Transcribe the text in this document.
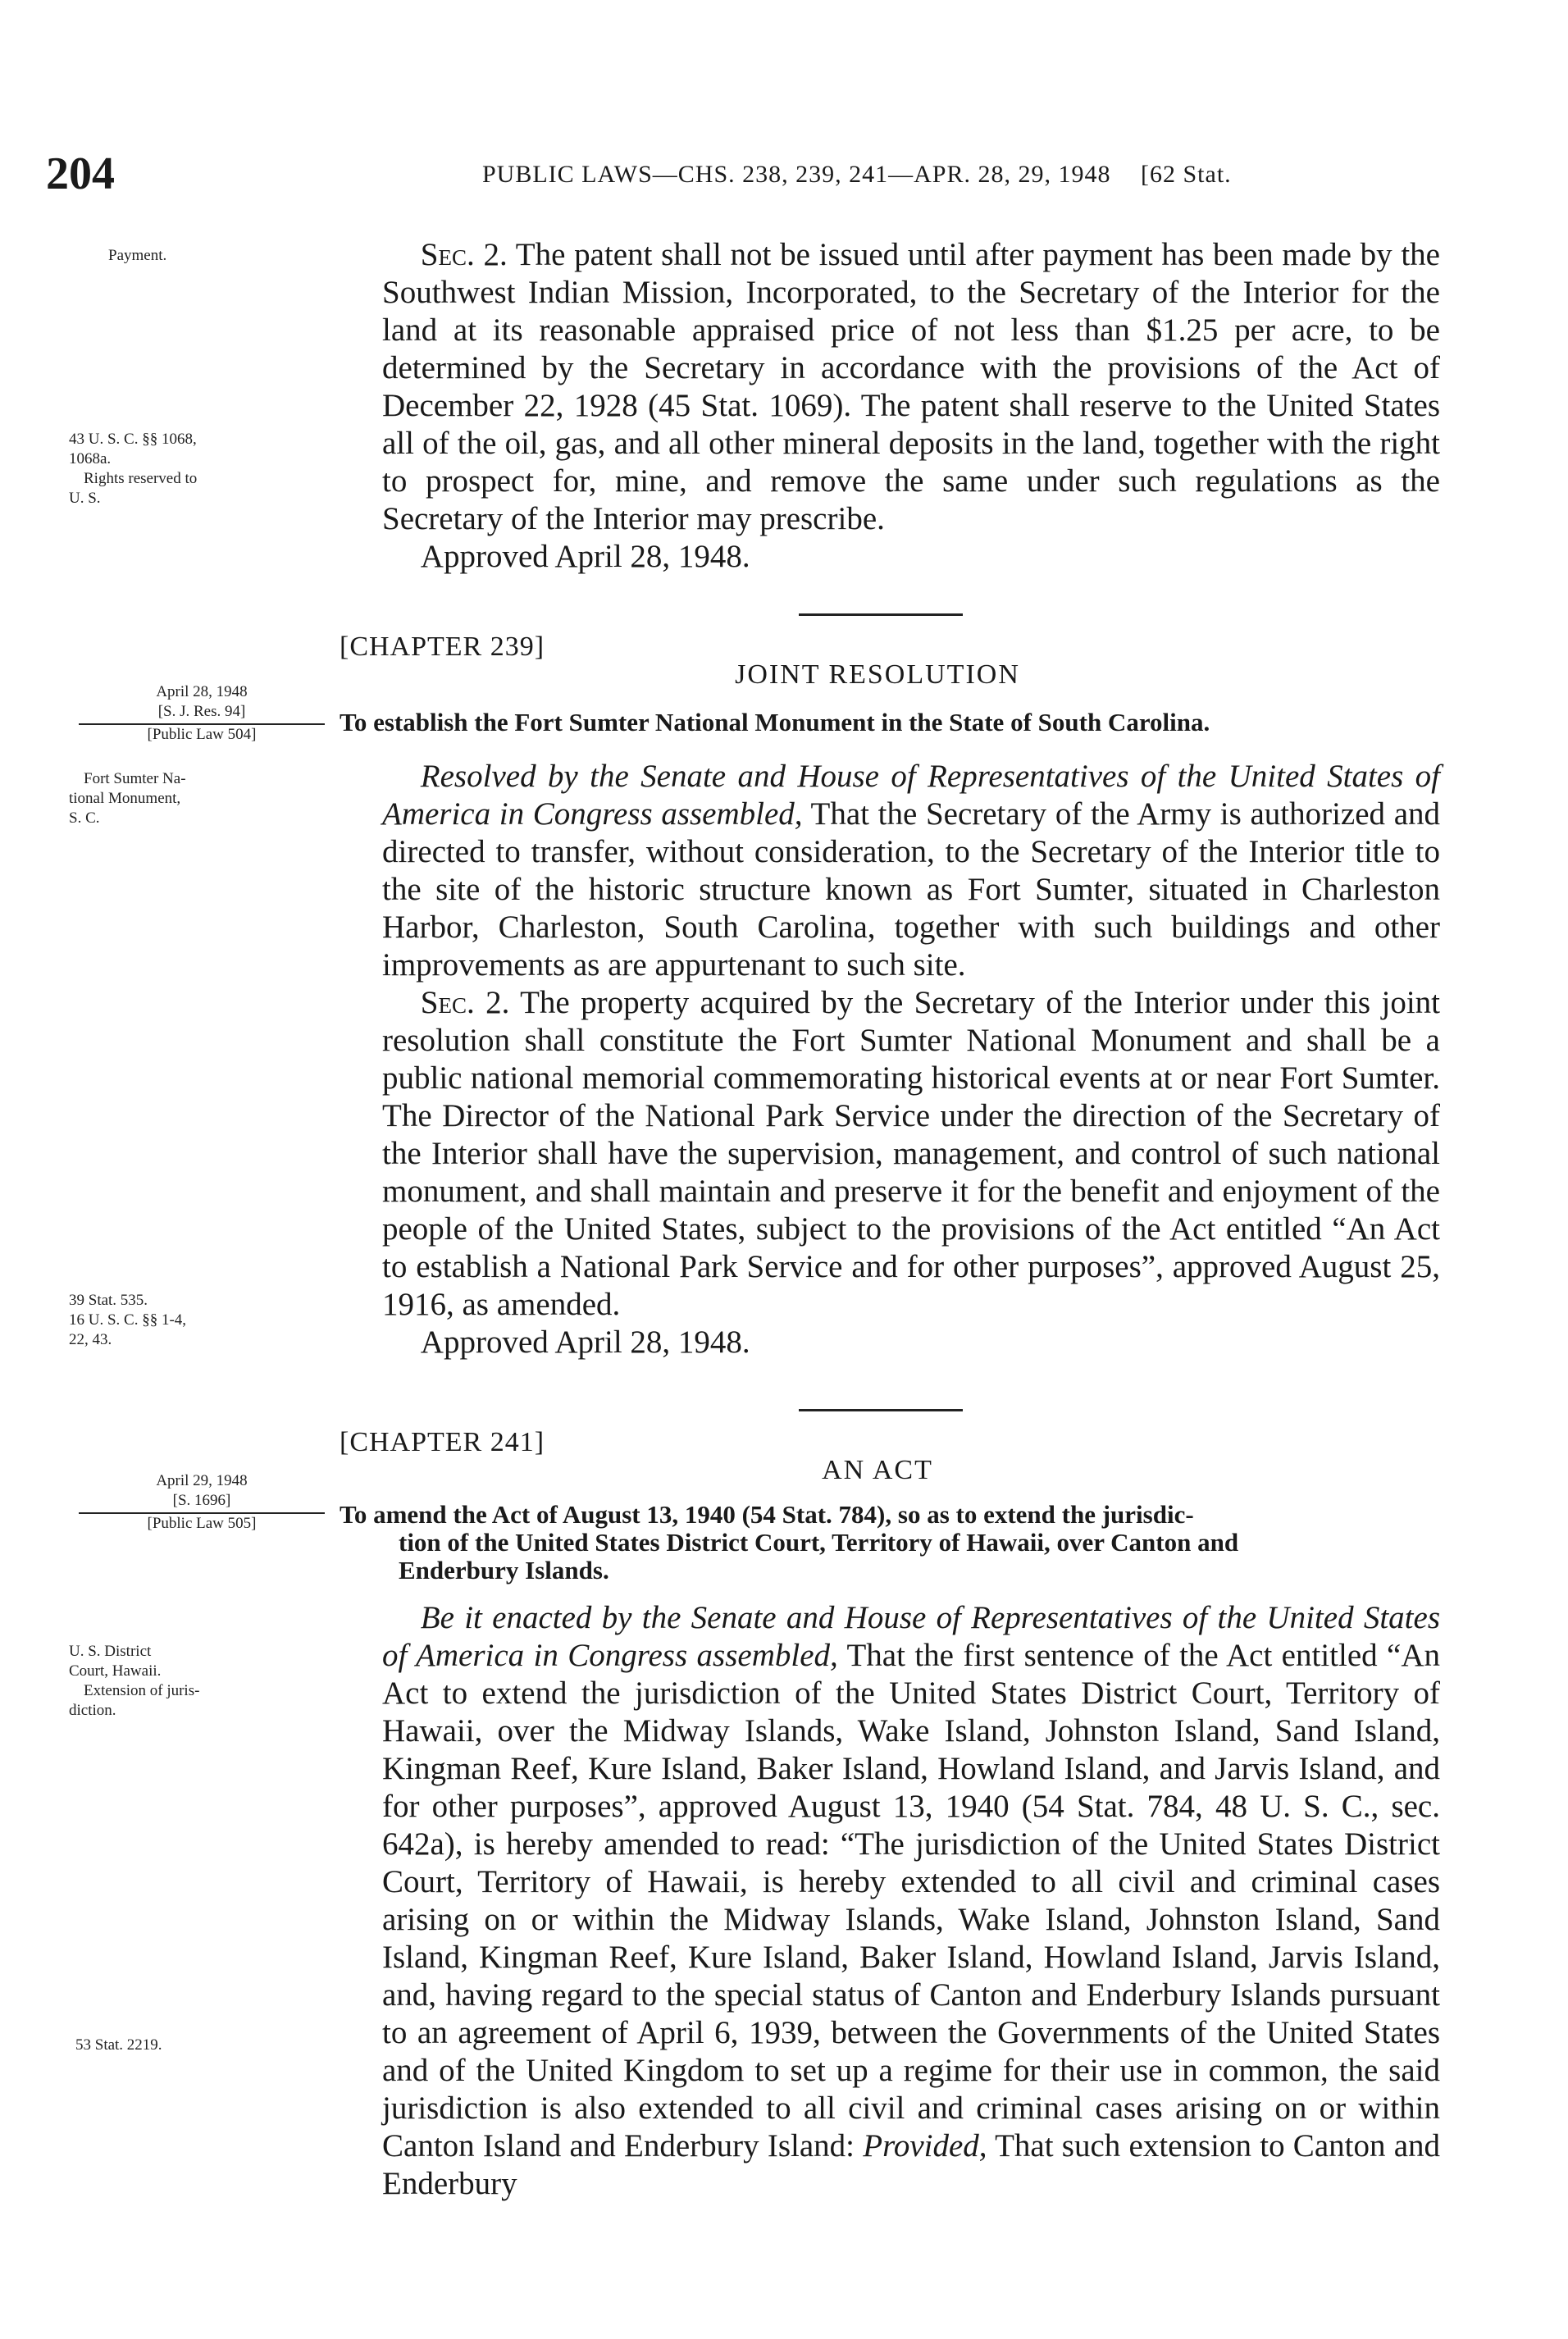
204	PUBLIC LAWS—CHS. 238, 239, 241—APR. 28, 29, 1948 [62 Stat.
Payment.
43 U. S. C. §§ 1068,
1068a.
Rights reserved to
U. S.
April 28, 1948
[S. J. Res. 94]
[Public Law 504]
Fort Sumter Na-
tional Monument,
S. C.
39 Stat. 535.
16 U. S. C. §§ 1-4,
22, 43.
April 29, 1948
[S. 1696]
[Public Law 505]
U. S. District
Court, Hawaii.
Extension of juris-
diction.
53 Stat. 2219.

Sec. 2. The patent shall not be issued until after payment has been made by the Southwest Indian Mission, Incorporated, to the Secretary of the Interior for the land at its reasonable appraised price of not less than $1.25 per acre, to be determined by the Secretary in accordance with the provisions of the Act of December 22, 1928 (45 Stat. 1069). The patent shall reserve to the United States all of the oil, gas, and all other mineral deposits in the land, together with the right to prospect for, mine, and remove the same under such regulations as the Secretary of the Interior may prescribe.

Approved April 28, 1948.

[CHAPTER 239]
JOINT RESOLUTION
To establish the Fort Sumter National Monument in the State of South Carolina.

Resolved by the Senate and House of Representatives of the United States of America in Congress assembled, That the Secretary of the Army is authorized and directed to transfer, without consideration, to the Secretary of the Interior title to the site of the historic structure known as Fort Sumter, situated in Charleston Harbor, Charleston, South Carolina, together with such buildings and other improvements as are appurtenant to such site.

Sec. 2. The property acquired by the Secretary of the Interior under this joint resolution shall constitute the Fort Sumter National Monument and shall be a public national memorial commemorating historical events at or near Fort Sumter. The Director of the National Park Service under the direction of the Secretary of the Interior shall have the supervision, management, and control of such national monument, and shall maintain and preserve it for the benefit and enjoyment of the people of the United States, subject to the provisions of the Act entitled “An Act to establish a National Park Service and for other purposes”, approved August 25, 1916, as amended.

Approved April 28, 1948.

[CHAPTER 241]
AN ACT
To amend the Act of August 13, 1940 (54 Stat. 784), so as to extend the jurisdic-
tion of the United States District Court, Territory of Hawaii, over Canton and
Enderbury Islands.

Be it enacted by the Senate and House of Representatives of the United States of America in Congress assembled, That the first sentence of the Act entitled “An Act to extend the jurisdiction of the United States District Court, Territory of Hawaii, over the Midway Islands, Wake Island, Johnston Island, Sand Island, Kingman Reef, Kure Island, Baker Island, Howland Island, and Jarvis Island, and for other purposes”, approved August 13, 1940 (54 Stat. 784, 48 U. S. C., sec. 642a), is hereby amended to read: “The jurisdiction of the United States District Court, Territory of Hawaii, is hereby extended to all civil and criminal cases arising on or within the Midway Islands, Wake Island, Johnston Island, Sand Island, Kingman Reef, Kure Island, Baker Island, Howland Island, Jarvis Island, and, having regard to the special status of Canton and Enderbury Islands pursuant to an agreement of April 6, 1939, between the Governments of the United States and of the United Kingdom to set up a regime for their use in common, the said jurisdiction is also extended to all civil and criminal cases arising on or within Canton Island and Enderbury Island: Provided, That such extension to Canton and Enderbury
